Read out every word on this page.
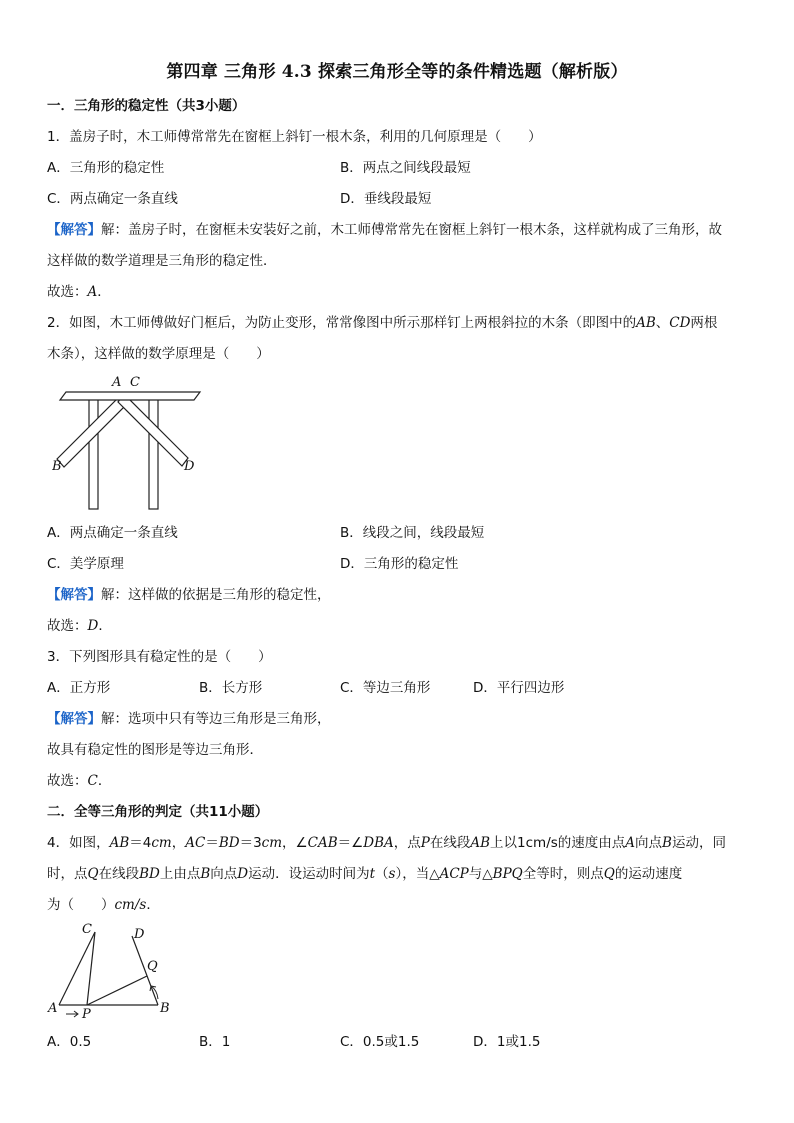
第四章 三角形 4.3 探索三角形全等的条件精选题（解析版）
一．三角形的稳定性（共3小题）
1．盖房子时，木工师傅常常先在窗框上斜钉一根木条，利用的几何原理是（　　）
A．三角形的稳定性	B．两点之间线段最短
C．两点确定一条直线	D．垂线段最短
【解答】解：盖房子时，在窗框未安装好之前，木工师傅常常先在窗框上斜钉一根木条，这样就构成了三角形，故
这样做的数学道理是三角形的稳定性．
故选：A．
2．如图，木工师傅做好门框后，为防止变形，常常像图中所示那样钉上两根斜拉的木条（即图中的AB、CD两根
木条），这样做的数学原理是（　　）
A C
B	D
A．两点确定一条直线	B．线段之间，线段最短
C．美学原理	D．三角形的稳定性
【解答】解：这样做的依据是三角形的稳定性，
故选：D．
3．下列图形具有稳定性的是（　　）
A．正方形	B．长方形	C．等边三角形	D．平行四边形
【解答】解：选项中只有等边三角形是三角形，
故具有稳定性的图形是等边三角形．
故选：C．
二．全等三角形的判定（共11小题）
4．如图，AB＝4cm，AC＝BD＝3cm，∠CAB＝∠DBA，点P在线段AB上以1cm/s的速度由点A向点B运动，同
时，点Q在线段BD上由点B向点D运动．设运动时间为t（s），当△ACP与△BPQ全等时，则点Q的运动速度
为（　　）cm/s．
C	D
Q
A P	B
A．0.5	B．1	C．0.5或1.5	D．1或1.5
